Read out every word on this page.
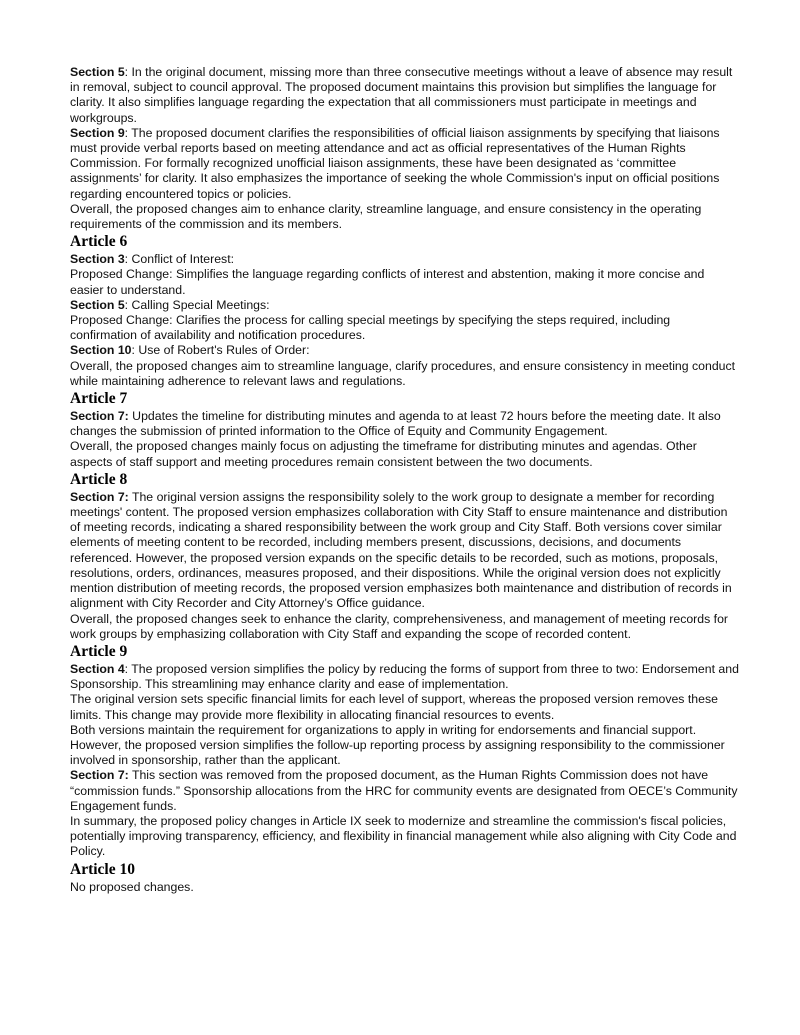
Section 5: In the original document, missing more than three consecutive meetings without a leave of absence may result in removal, subject to council approval. The proposed document maintains this provision but simplifies the language for clarity. It also simplifies language regarding the expectation that all commissioners must participate in meetings and workgroups.

Section 9: The proposed document clarifies the responsibilities of official liaison assignments by specifying that liaisons must provide verbal reports based on meeting attendance and act as official representatives of the Human Rights Commission. For formally recognized unofficial liaison assignments, these have been designated as ‘committee assignments’ for clarity. It also emphasizes the importance of seeking the whole Commission's input on official positions regarding encountered topics or policies.

Overall, the proposed changes aim to enhance clarity, streamline language, and ensure consistency in the operating requirements of the commission and its members.

Article 6

Section 3: Conflict of Interest:

Proposed Change: Simplifies the language regarding conflicts of interest and abstention, making it more concise and easier to understand.

Section 5: Calling Special Meetings:

Proposed Change: Clarifies the process for calling special meetings by specifying the steps required, including confirmation of availability and notification procedures.

Section 10: Use of Robert's Rules of Order:

Overall, the proposed changes aim to streamline language, clarify procedures, and ensure consistency in meeting conduct while maintaining adherence to relevant laws and regulations.

Article 7

Section 7: Updates the timeline for distributing minutes and agenda to at least 72 hours before the meeting date. It also changes the submission of printed information to the Office of Equity and Community Engagement.

Overall, the proposed changes mainly focus on adjusting the timeframe for distributing minutes and agendas. Other aspects of staff support and meeting procedures remain consistent between the two documents.

Article 8

Section 7: The original version assigns the responsibility solely to the work group to designate a member for recording meetings' content. The proposed version emphasizes collaboration with City Staff to ensure maintenance and distribution of meeting records, indicating a shared responsibility between the work group and City Staff. Both versions cover similar elements of meeting content to be recorded, including members present, discussions, decisions, and documents referenced. However, the proposed version expands on the specific details to be recorded, such as motions, proposals, resolutions, orders, ordinances, measures proposed, and their dispositions. While the original version does not explicitly mention distribution of meeting records, the proposed version emphasizes both maintenance and distribution of records in alignment with City Recorder and City Attorney’s Office guidance.

Overall, the proposed changes seek to enhance the clarity, comprehensiveness, and management of meeting records for work groups by emphasizing collaboration with City Staff and expanding the scope of recorded content.

Article 9

Section 4: The proposed version simplifies the policy by reducing the forms of support from three to two: Endorsement and Sponsorship. This streamlining may enhance clarity and ease of implementation.

The original version sets specific financial limits for each level of support, whereas the proposed version removes these limits. This change may provide more flexibility in allocating financial resources to events.

Both versions maintain the requirement for organizations to apply in writing for endorsements and financial support. However, the proposed version simplifies the follow-up reporting process by assigning responsibility to the commissioner involved in sponsorship, rather than the applicant.

Section 7: This section was removed from the proposed document, as the Human Rights Commission does not have “commission funds.” Sponsorship allocations from the HRC for community events are designated from OECE’s Community Engagement funds.

In summary, the proposed policy changes in Article IX seek to modernize and streamline the commission's fiscal policies, potentially improving transparency, efficiency, and flexibility in financial management while also aligning with City Code and Policy.

Article 10

No proposed changes.
